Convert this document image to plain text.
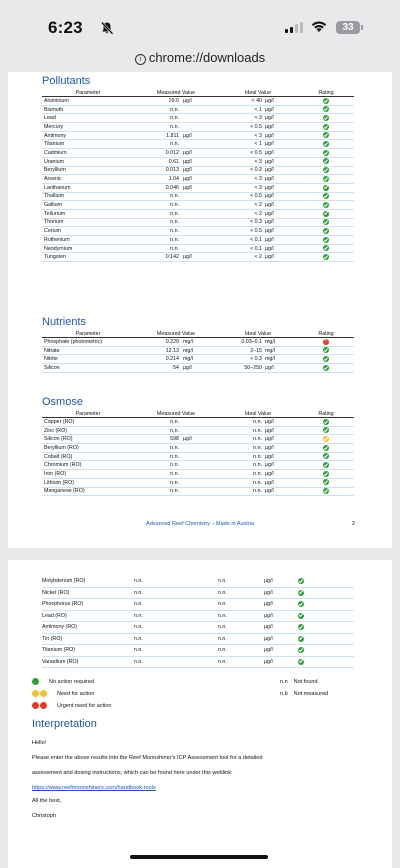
6:23	33
i chrome://downloads
Pollutants
Parameter	Measured Value		Ideal Value		Rating
Aluminium	29.0	µg/l	< 40	µg/l	
Bismuth	n.n.		< 1	µg/l	
Lead	n.n.		< 3	µg/l	
Mercury	n.n.		< 0.5	µg/l	
Antimony	1.811	µg/l	< 3	µg/l	
Titanium	n.n.		< 1	µg/l	
Cadmium	0.012	µg/l	< 0.5	µg/l	
Uranium	0.61	µg/l	< 3	µg/l	
Beryllium	0.013	µg/l	< 0.2	µg/l	
Arsenic	1.04	µg/l	< 3	µg/l	
Lanthanum	0.046	µg/l	< 3	µg/l	
Thallium	n.n.		< 0.5	µg/l	
Gallium	n.n.		< 2	µg/l	
Tellurium	n.n.		< 2	µg/l	
Thorium	n.n.		< 0.3	µg/l	
Cerium	n.n.		< 0.5	µg/l	
Ruthenium	n.n.		< 0.1	µg/l	
Neodymium	n.n.		< 0.1	µg/l	
Tungsten	0.142	µg/l	< 2	µg/l	
Nutrients
Parameter	Measured Value		Ideal Value		Rating
Phosphate (photometric)	0.229	mg/l	0.03–0.1	mg/l	×
Nitrate	12.13	mg/l	2–15	mg/l	
Nitrite	0.214	mg/l	< 0.3	mg/l	
Silicon	54	µg/l	50–250	µg/l	
Osmose
Parameter	Measured Value		Ideal Value		Rating
Copper (RO)	n.n.		n.n.	µg/l	
Zinc (RO)	n.n.		n.n.	µg/l	
Silicon (RO)	598	µg/l	n.n.	µg/l	
Beryllium (RO)	n.n.		n.n.	µg/l	
Cobalt (RO)	n.n.		n.n.	µg/l	
Chromium (RO)	n.n.		n.n.	µg/l	
Iron (RO)	n.n.		n.n.	µg/l	
Lithium (RO)	n.n.		n.n.	µg/l	
Manganese (RO)	n.n.		n.n.	µg/l	
Advanced Reef Chemistry – Made in Austria	2
Molybdenum (RO)	n.n.		n.n.	µg/l	
Nickel (RO)	n.n.		n.n.	µg/l	
Phosphorus (RO)	n.n.		n.n.	µg/l	
Lead (RO)	n.n.		n.n.	µg/l	
Antimony (RO)	n.n.		n.n.	µg/l	
Tin (RO)	n.n.		n.n.	µg/l	
Titanium (RO)	n.n.		n.n.	µg/l	
Vanadium (RO)	n.n.		n.n.	µg/l	
No action required
Need for action
Urgent need for action
n.n Not found
n.b Not measured
Interpretation
Hello!
Please enter the above results into the Reef Moonshiner's ICP Assessment tool for a detailed
assessment and dosing instructions, which can be found here under this weblink:
https://www.reefmoonshiners.com/handbook-tools
All the best,
Christoph
